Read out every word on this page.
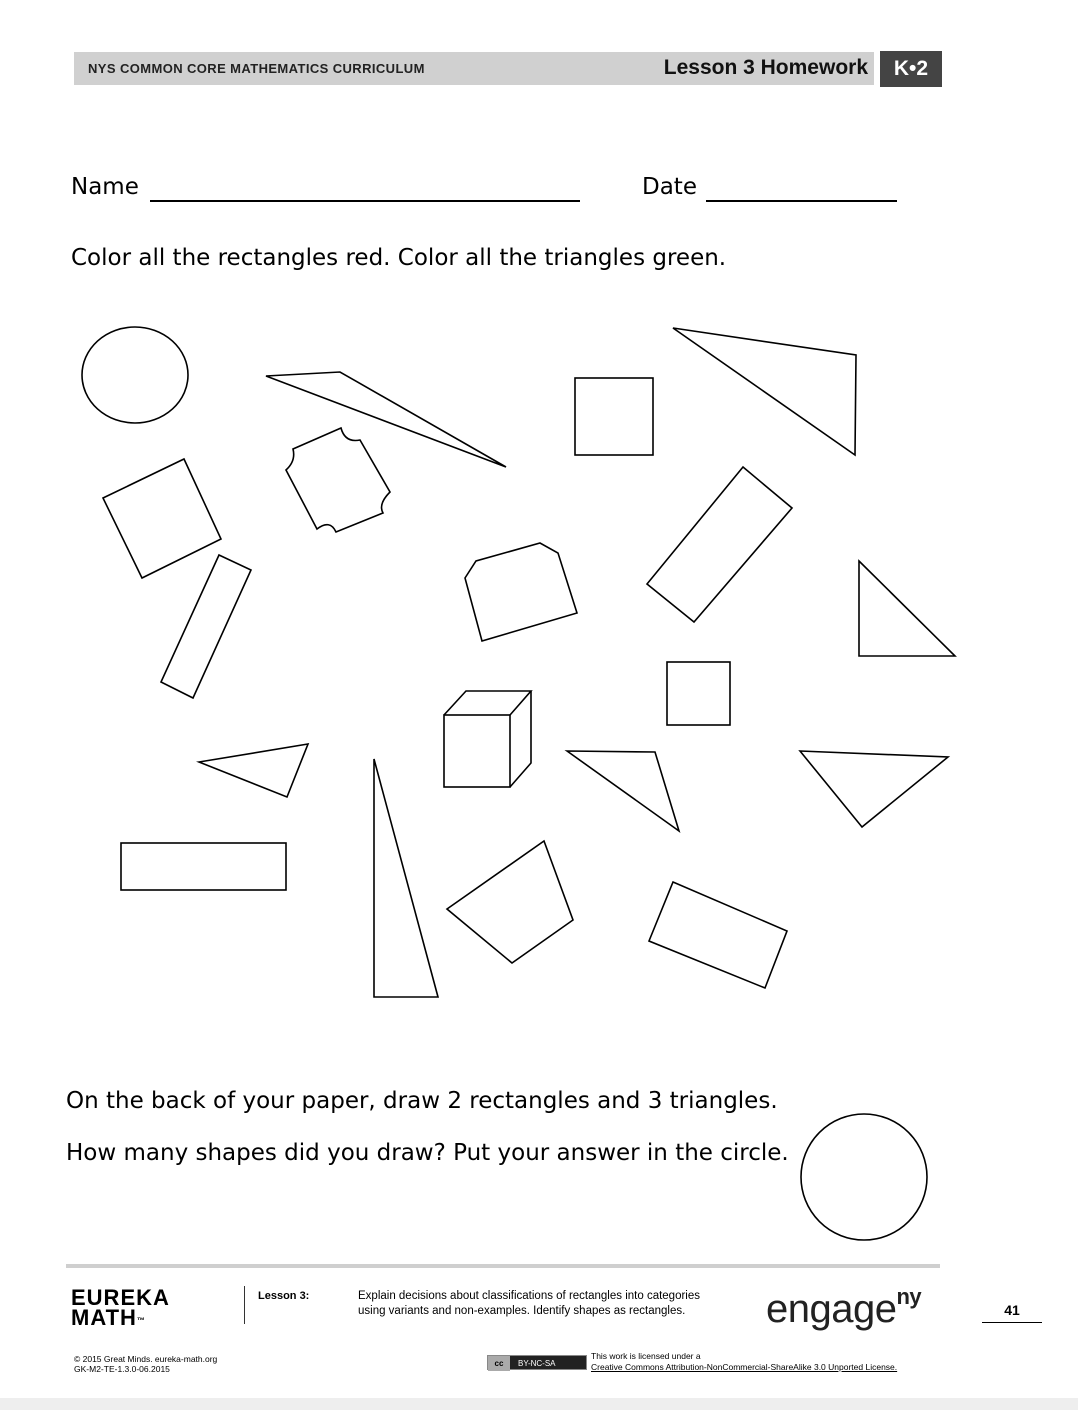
NYS COMMON CORE MATHEMATICS CURRICULUM	Lesson 3 Homework	K•2
Name	Date
Color all the rectangles red. Color all the triangles green.
On the back of your paper, draw 2 rectangles and 3 triangles.
How many shapes did you draw? Put your answer in the circle.
EUREKA
MATH™
Lesson 3:	Explain decisions about classifications of rectangles into categories
using variants and non-examples. Identify shapes as rectangles.	engage$^{ny}$
41
© 2015 Great Minds. eureka-math.org
GK-M2-TE-1.3.0-06.2015
cc BY-NC-SA
This work is licensed under a
Creative Commons Attribution-NonCommercial-ShareAlike 3.0 Unported License.
